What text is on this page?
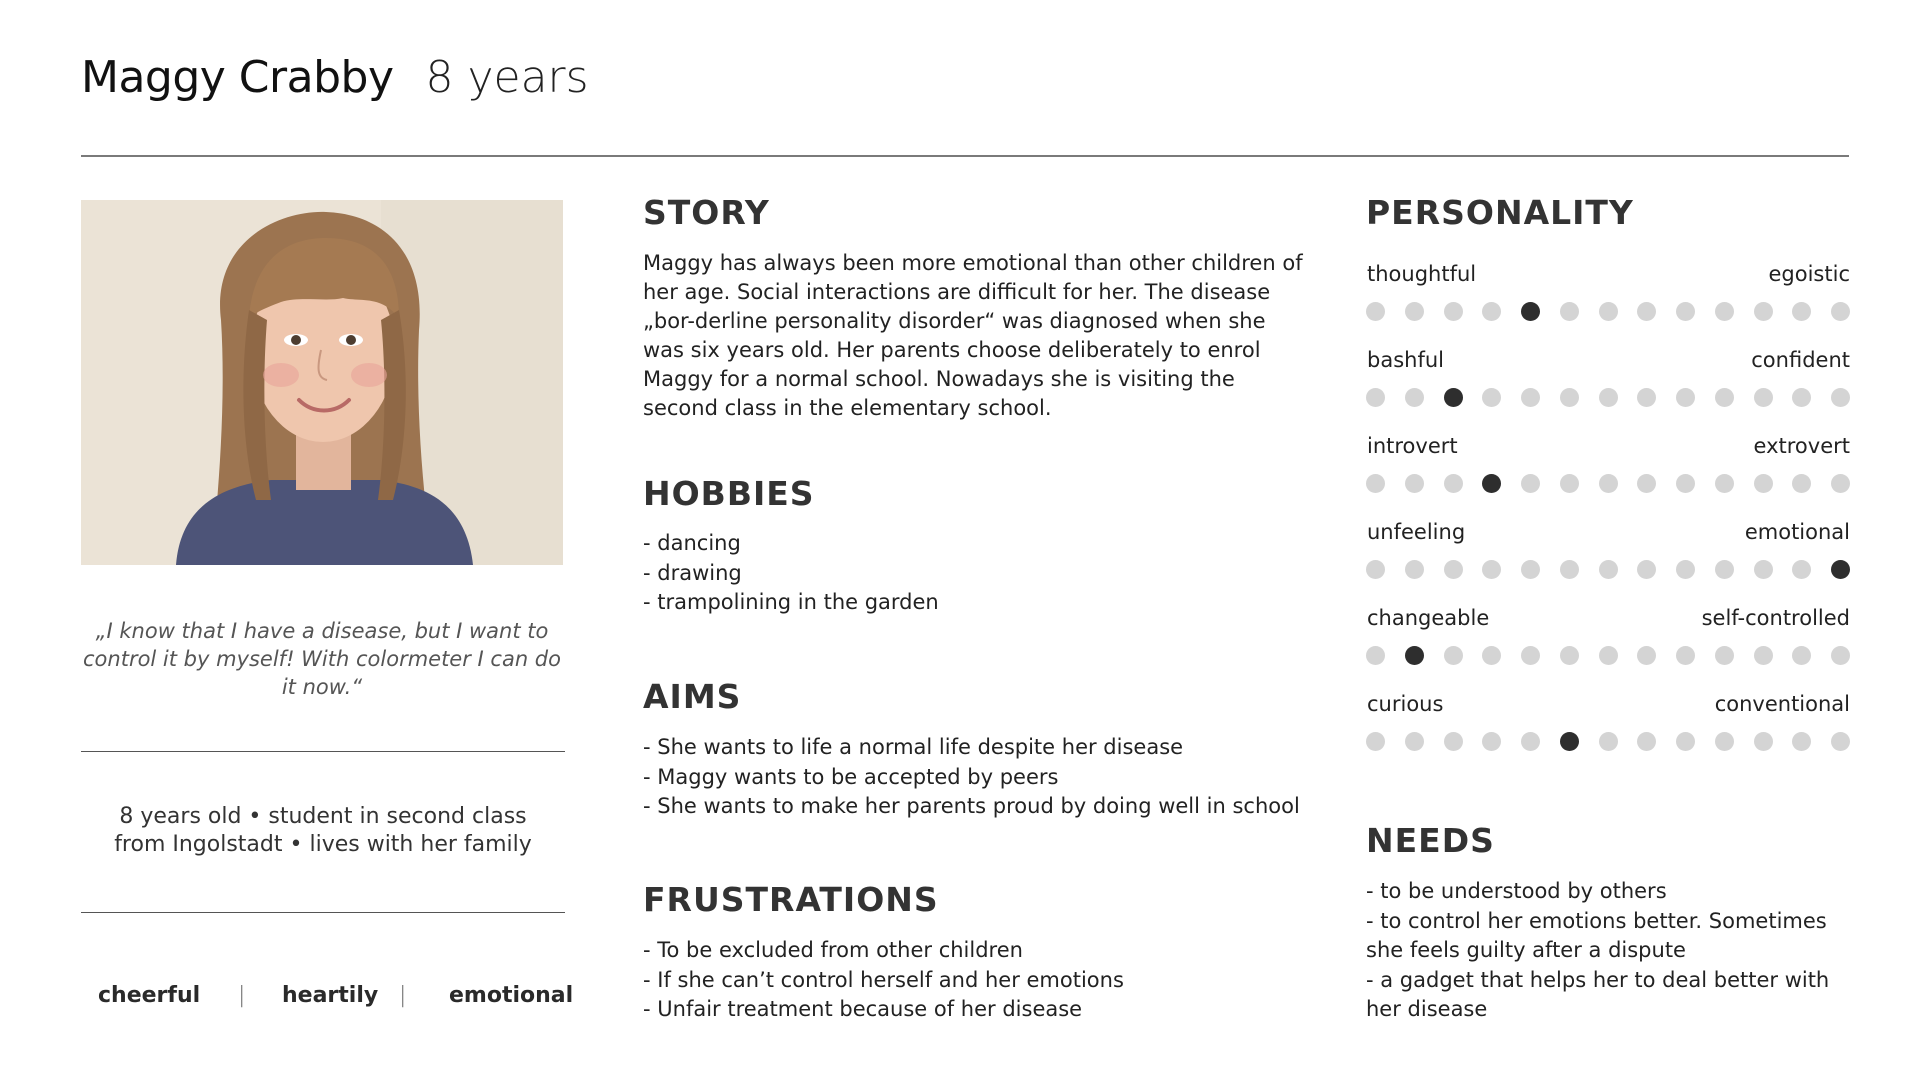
Maggy Crabby 8 years
„I know that I have a disease, but I want to control it by myself! With colormeter I can do it now.“
8 years old • student in second class
from Ingolstadt • lives with her family
cheerful | heartily | emotional
STORY
Maggy has always been more emotional than other children of her age. Social interactions are difficult for her. The disease „bor-derline personality disorder“ was diagnosed when she was six years old. Her parents choose deliberately to enrol Maggy for a normal school. Nowadays she is visiting the second class in the elementary school.
HOBBIES
- dancing
- drawing
- trampolining in the garden
AIMS
- She wants to life a normal life despite her disease
- Maggy wants to be accepted by peers
- She wants to make her parents proud by doing well in school
FRUSTRATIONS
- To be excluded from other children
- If she can’t control herself and her emotions
- Unfair treatment because of her disease
PERSONALITY
thoughtful	egoistic
bashful	confident
introvert	extrovert
unfeeling	emotional
changeable	self-controlled
curious	conventional
NEEDS
- to be understood by others
- to control her emotions better. Sometimes she feels guilty after a dispute
- a gadget that helps her to deal better with her disease
